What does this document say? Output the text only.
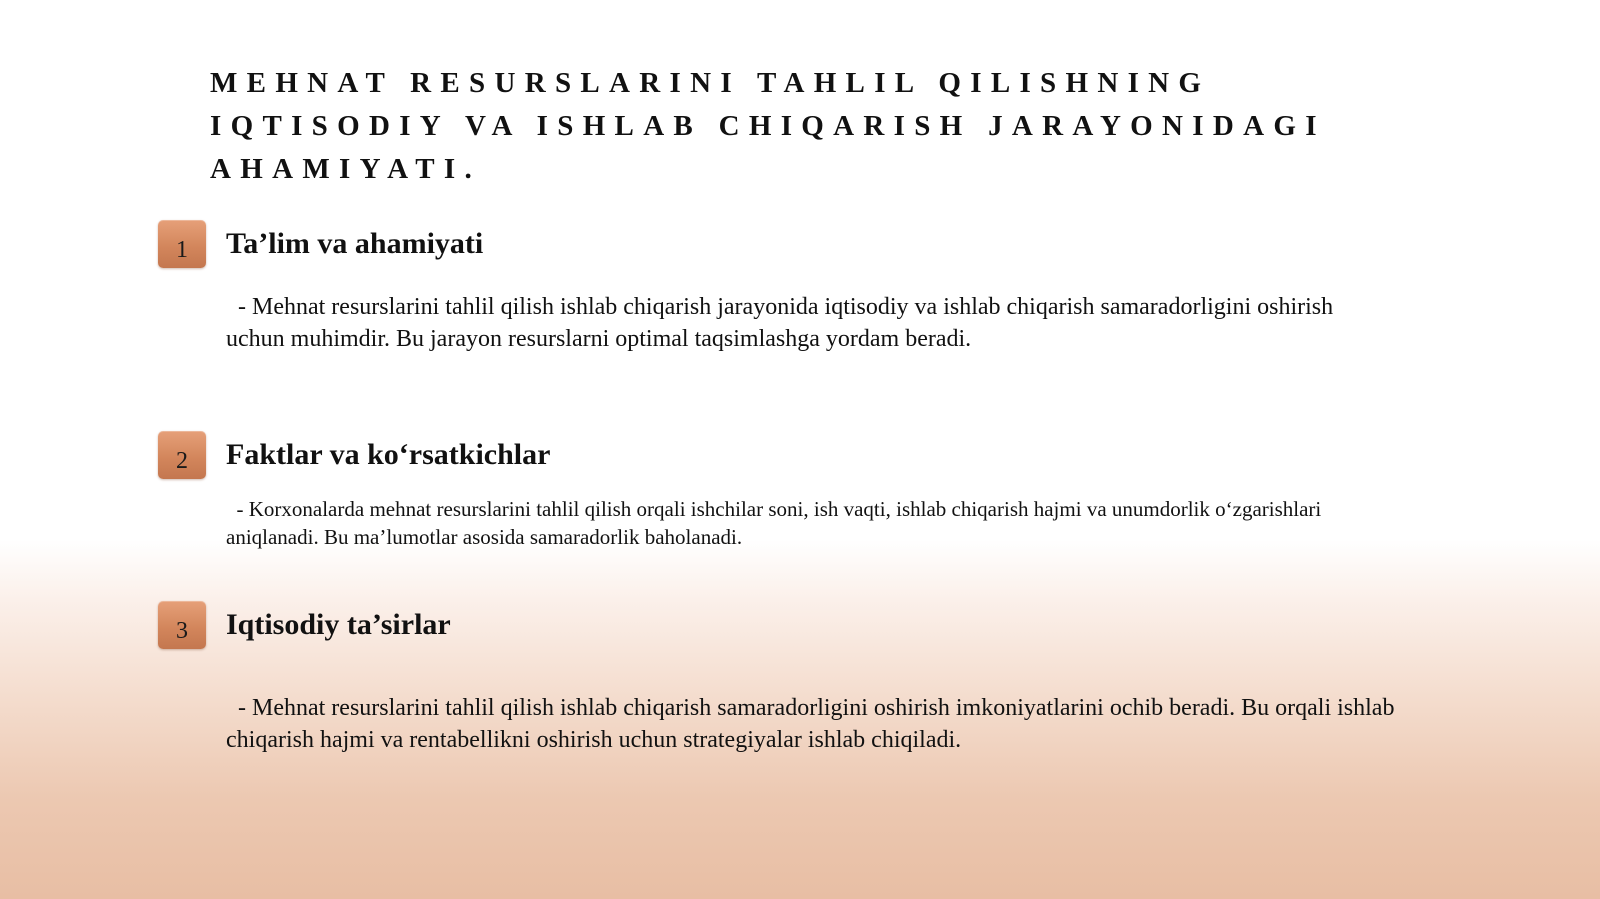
MEHNAT RESURSLARINI TAHLIL QILISHNING IQTISODIY VA ISHLAB CHIQARISH JARAYONIDAGI AHAMIYATI.
1 Ta’lim va ahamiyati

- Mehnat resurslarini tahlil qilish ishlab chiqarish jarayonida iqtisodiy va ishlab chiqarish samaradorligini oshirish uchun muhimdir. Bu jarayon resurslarni optimal taqsimlashga yordam beradi.

2 Faktlar va ko‘rsatkichlar

- Korxonalarda mehnat resurslarini tahlil qilish orqali ishchilar soni, ish vaqti, ishlab chiqarish hajmi va unumdorlik o‘zgarishlari aniqlanadi. Bu ma’lumotlar asosida samaradorlik baholanadi.

3 Iqtisodiy ta’sirlar

- Mehnat resurslarini tahlil qilish ishlab chiqarish samaradorligini oshirish imkoniyatlarini ochib beradi. Bu orqali ishlab chiqarish hajmi va rentabellikni oshirish uchun strategiyalar ishlab chiqiladi.
